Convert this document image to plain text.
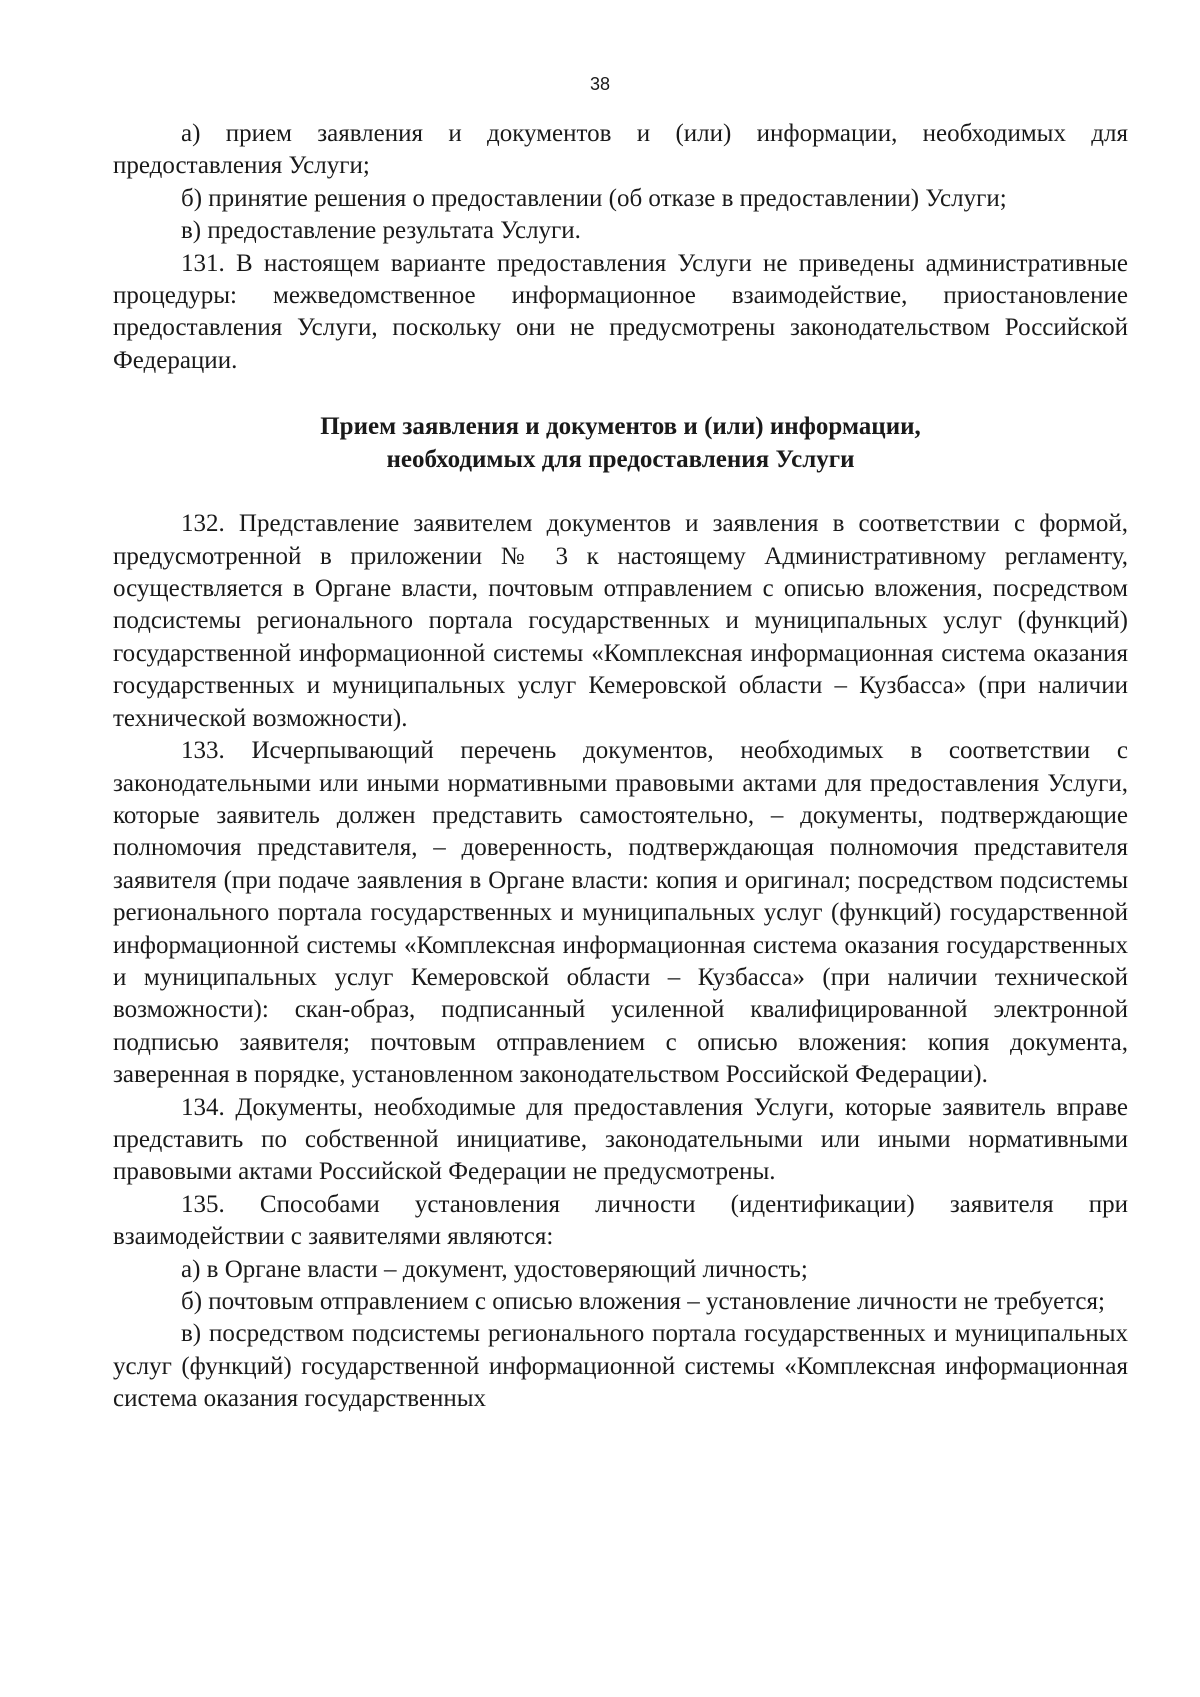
38

а) прием заявления и документов и (или) информации, необходимых для предоставления Услуги;

б) принятие решения о предоставлении (об отказе в предоставлении) Услуги;

в) предоставление результата Услуги.

131. В настоящем варианте предоставления Услуги не приведены административные процедуры: межведомственное информационное взаимодействие, приостановление предоставления Услуги, поскольку они не предусмотрены законодательством Российской Федерации.

Прием заявления и документов и (или) информации,
необходимых для предоставления Услуги

132. Представление заявителем документов и заявления в соответствии с формой, предусмотренной в приложении № 3 к настоящему Административному регламенту, осуществляется в Органе власти, почтовым отправлением с описью вложения, посредством подсистемы регионального портала государственных и муниципальных услуг (функций) государственной информационной системы «Комплексная информационная система оказания государственных и муниципальных услуг Кемеровской области – Кузбасса» (при наличии технической возможности).

133. Исчерпывающий перечень документов, необходимых в соответствии с законодательными или иными нормативными правовыми актами для предоставления Услуги, которые заявитель должен представить самостоятельно, – документы, подтверждающие полномочия представителя, – доверенность, подтверждающая полномочия представителя заявителя (при подаче заявления в Органе власти: копия и оригинал; посредством подсистемы регионального портала государственных и муниципальных услуг (функций) государственной информационной системы «Комплексная информационная система оказания государственных и муниципальных услуг Кемеровской области – Кузбасса» (при наличии технической возможности): скан-образ, подписанный усиленной квалифицированной электронной подписью заявителя; почтовым отправлением с описью вложения: копия документа, заверенная в порядке, установленном законодательством Российской Федерации).

134. Документы, необходимые для предоставления Услуги, которые заявитель вправе представить по собственной инициативе, законодательными или иными нормативными правовыми актами Российской Федерации не предусмотрены.

135. Способами установления личности (идентификации) заявителя при взаимодействии с заявителями являются:

а) в Органе власти – документ, удостоверяющий личность;

б) почтовым отправлением с описью вложения – установление личности не требуется;

в) посредством подсистемы регионального портала государственных и муниципальных услуг (функций) государственной информационной системы «Комплексная информационная система оказания государственных
